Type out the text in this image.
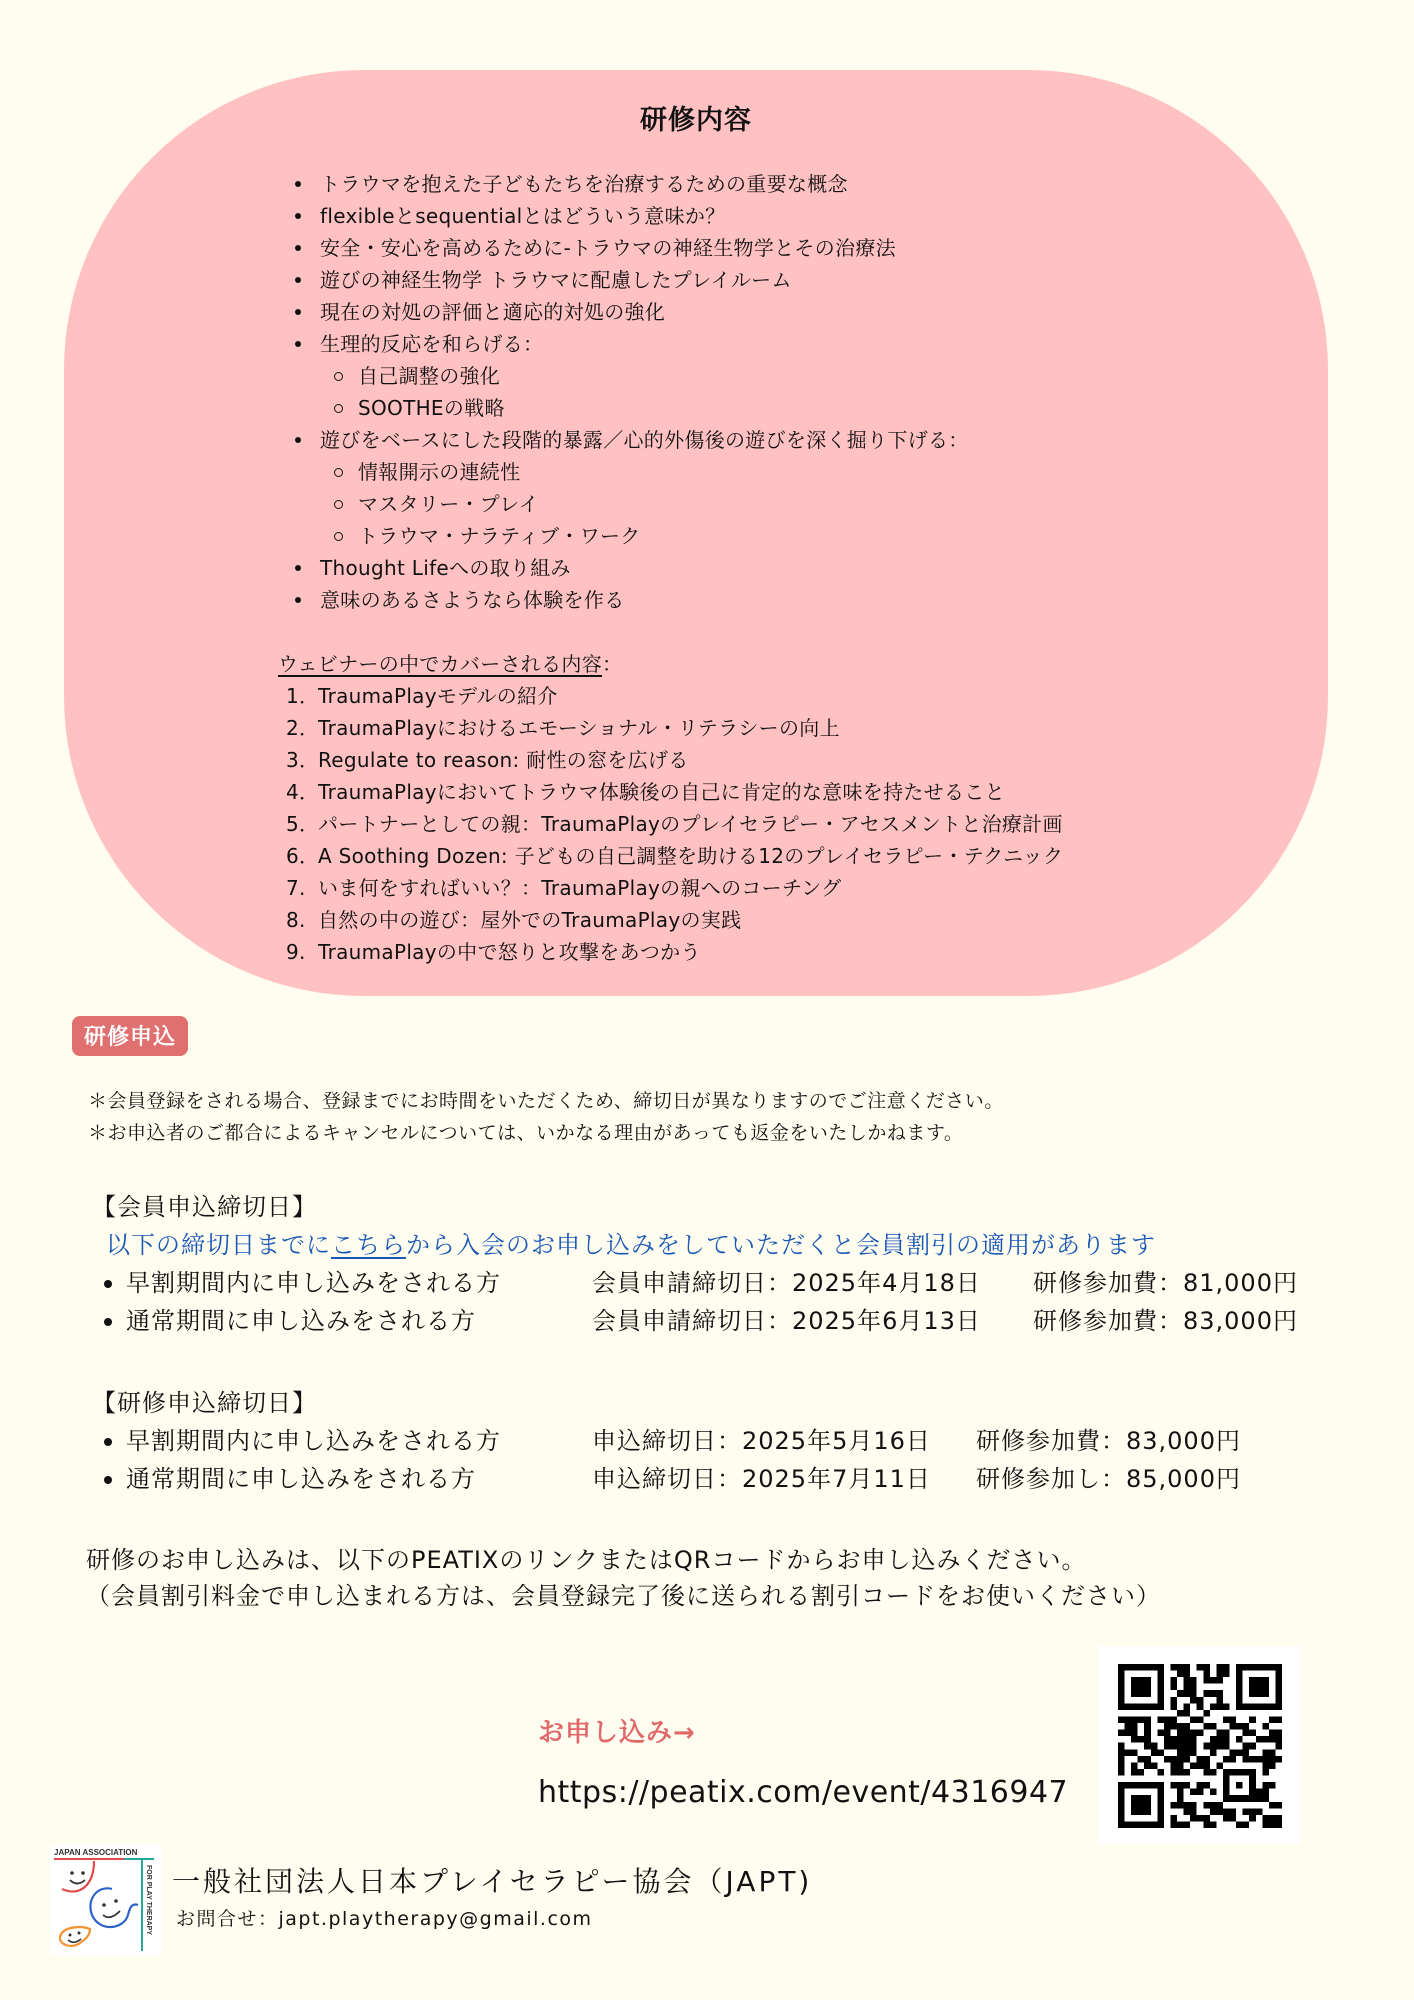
研修内容
トラウマを抱えた子どもたちを治療するための重要な概念
flexibleとsequentialとはどういう意味か？
安全・安心を高めるために-トラウマの神経生物学とその治療法
遊びの神経生物学 トラウマに配慮したプレイルーム
現在の対処の評価と適応的対処の強化
生理的反応を和らげる：
自己調整の強化
SOOTHEの戦略
遊びをベースにした段階的暴露／心的外傷後の遊びを深く掘り下げる：
情報開示の連続性
マスタリー・プレイ
トラウマ・ナラティブ・ワーク
Thought Lifeへの取り組み
意味のあるさようなら体験を作る
ウェビナーの中でカバーされる内容：
1．
TraumaPlayモデルの紹介
2．
TraumaPlayにおけるエモーショナル・リテラシーの向上
3．
Regulate to reason: 耐性の窓を広げる
4．
TraumaPlayにおいてトラウマ体験後の自己に肯定的な意味を持たせること
5．
パートナーとしての親：TraumaPlayのプレイセラピー・アセスメントと治療計画
6．
A Soothing Dozen: 子どもの自己調整を助ける12のプレイセラピー・テクニック
7. いま何をすればいい？：TraumaPlayの親へのコーチング
8. 自然の中の遊び：屋外でのTraumaPlayの実践
9. TraumaPlayの中で怒りと攻撃をあつかう
研修申込
＊会員登録をされる場合、登録までにお時間をいただくため、締切日が異なりますのでご注意ください。
＊お申込者のご都合によるキャンセルについては、いかなる理由があっても返金をいたしかねます。
【会員申込締切日】
以下の締切日までにこちらから入会のお申し込みをしていただくと会員割引の適用があります
早割期間内に申し込みをされる方	会員申請締切日：2025年4月18日	研修参加費：81,000円
通常期間に申し込みをされる方	会員申請締切日：2025年6月13日	研修参加費：83,000円
【研修申込締切日】
早割期間内に申し込みをされる方	申込締切日：2025年5月16日	研修参加費：83,000円
通常期間に申し込みをされる方	申込締切日：2025年7月11日	研修参加し：85,000円
研修のお申し込みは、以下のPEATIXのリンクまたはQRコードからお申し込みください。
（会員割引料金で申し込まれる方は、会員登録完了後に送られる割引コードをお使いください）
お申し込み→
https://peatix.com/event/4316947
JAPAN ASSOCIATION
FOR PLAY THERAPY 一般社団法人日本プレイセラピー協会（JAPT)
お問合せ：japt.playtherapy@gmail.com
